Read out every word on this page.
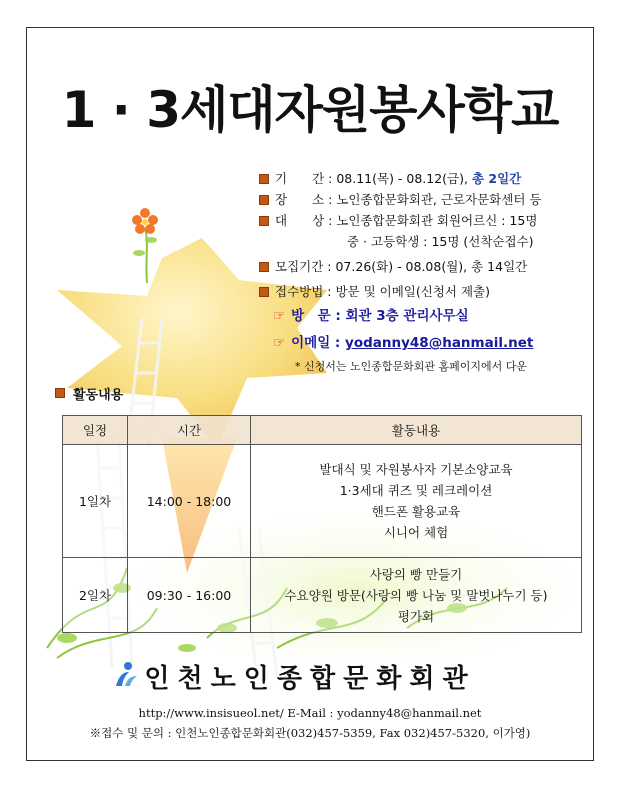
1 · 3세대자원봉사학교
기　　간 : 08.11(목) - 08.12(금), 총 2일간
장　　소 : 노인종합문화회관, 근로자문화센터 등
대　　상 : 노인종합문화회관 회원어르신 : 15명
중 · 고등학생 : 15명 (선착순접수)
모집기간 : 07.26(화) - 08.08(월), 총 14일간
접수방법 : 방문 및 이메일(신청서 제출)
☞ 방　문 : 회관 3층 관리사무실
☞ 이메일 : yodanny48@hanmail.net
* 신청서는 노인종합문화회관 홈페이지에서 다운
활동내용
일정	시간	활동내용
1일차	14:00 - 18:00	발대식 및 자원봉사자 기본소양교육
1·3세대 퀴즈 및 레크레이션
핸드폰 활용교육
시니어 체험

2일차	09:30 - 16:00	사랑의 빵 만들기
수요양원 방문(사랑의 빵 나눔 및 말벗나누기 등)
평가회
인천노인종합문화회관
http://www.insisueol.net/ E-Mail : yodanny48@hanmail.net
※접수 및 문의 : 인천노인종합문화회관(032)457-5359, Fax 032)457-5320, 이가영)
